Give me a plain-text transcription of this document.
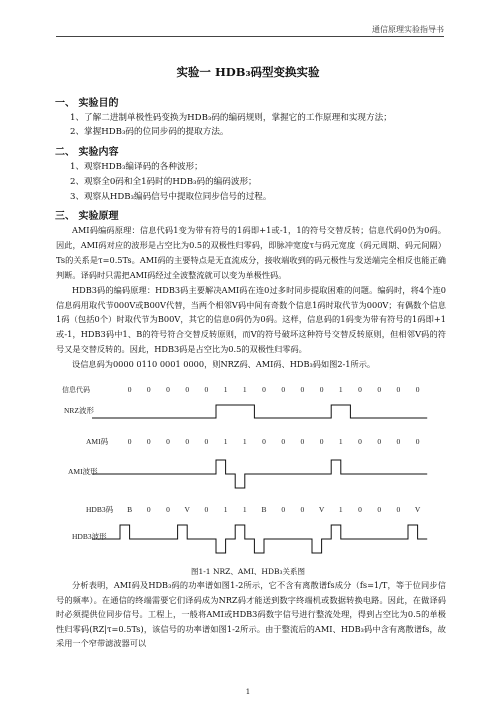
通信原理实验指导书
实验一 HDB₃码型变换实验
一、 实验目的
1、了解二进制单极性码变换为HDB₃码的编码规则，掌握它的工作原理和实现方法；
2、掌握HDB₃码的位同步码的提取方法。
二、 实验内容
1、观察HDB₃编译码的各种波形；
2、观察全0码和全1码时的HDB₃码的编码波形；
3、观察从HDB₃编码信号中提取位同步信号的过程。
三、 实验原理

AMI码编码原理：信息代码1变为带有符号的1码即+1或-1，1的符号交替反转；信息代码0仍为0码。因此，AMI码对应的波形是占空比为0.5的双极性归零码，即脉冲宽度τ与码元宽度（码元周期、码元间隔）Ts的关系是τ=0.5Ts。AMI码的主要特点是无直流成分，接收端收到的码元极性与发送端完全相反也能正确判断。译码时只需把AMI码经过全波整流就可以变为单极性码。

HDB3码的编码原理：HDB3码主要解决AMI码在连0过多时同步提取困难的问题。编码时，将4个连0信息码用取代节000V或B00V代替，当两个相邻V码中间有奇数个信息1码时取代节为000V；有偶数个信息1码（包括0个）时取代节为B00V，其它的信息0码仍为0码。这样，信息码的1码变为带有符号的1码即+1或-1，HDB3码中1、B的符号符合交替反转原则，而V的符号破坏这种符号交替反转原则，但相邻V码的符号又是交替反转的。因此，HDB3码是占空比为0.5的双极性归零码。

设信息码为0000 0110 0001 0000，则NRZ码、AMI码、HDB₃码如图2-1所示。

信息代码	0 0 0 0 0 1 1 0 0 0 0 1 0 0 0 0
NRZ波形
AMI码	0 0 0 0 0 1 1 0 0 0 0 1 0 0 0 0
AMI波形
HDB3码 B 0 0 V 0 1 1 B 0 0 V 1 0 0 0 V
HDB3波形
图1-1 NRZ、AMI、HDB₃关系图

分析表明，AMI码及HDB₃码的功率谱如图1-2所示，它不含有离散谱fs成分（fs=1/T，等于位同步信号的频率）。在通信的终端需要它们译码成为NRZ码才能送到数字终端机或数据转换电路。因此，在做译码时必须提供位同步信号。工程上，一般将AMI或HDB3码数字信号进行整流处理，得到占空比为0.5的单极性归零码(RZ|τ=0.5Ts)，该信号的功率谱如图1-2所示。由于整流后的AMI、HDB₃码中含有离散谱fs，故采用一个窄带滤波器可以

1
